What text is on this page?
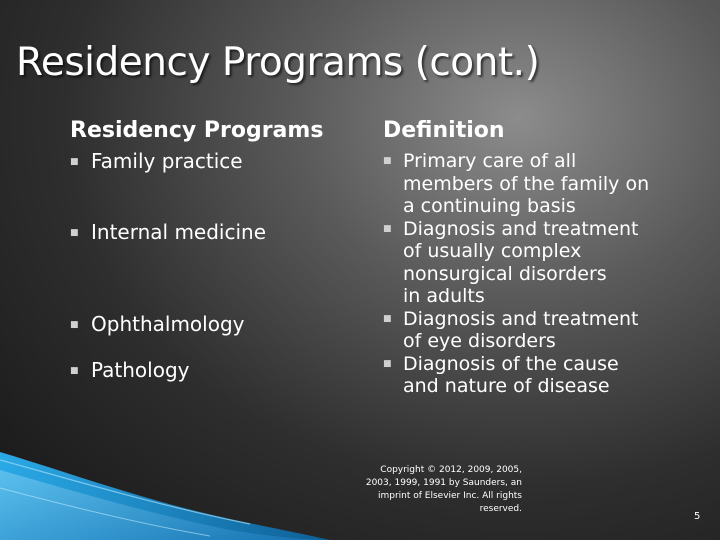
Residency Programs (cont.)
Residency Programs	Definition
■ Family practice
■ Internal medicine
■ Ophthalmology
■ Pathology
■ Primary care of all
members of the family on
a continuing basis
■ Diagnosis and treatment
of usually complex
nonsurgical disorders
in adults
■ Diagnosis and treatment
of eye disorders
■ Diagnosis of the cause
and nature of disease
Copyright © 2012, 2009, 2005,
2003, 1999, 1991 by Saunders, an
imprint of Elsevier Inc. All rights
reserved.
5
